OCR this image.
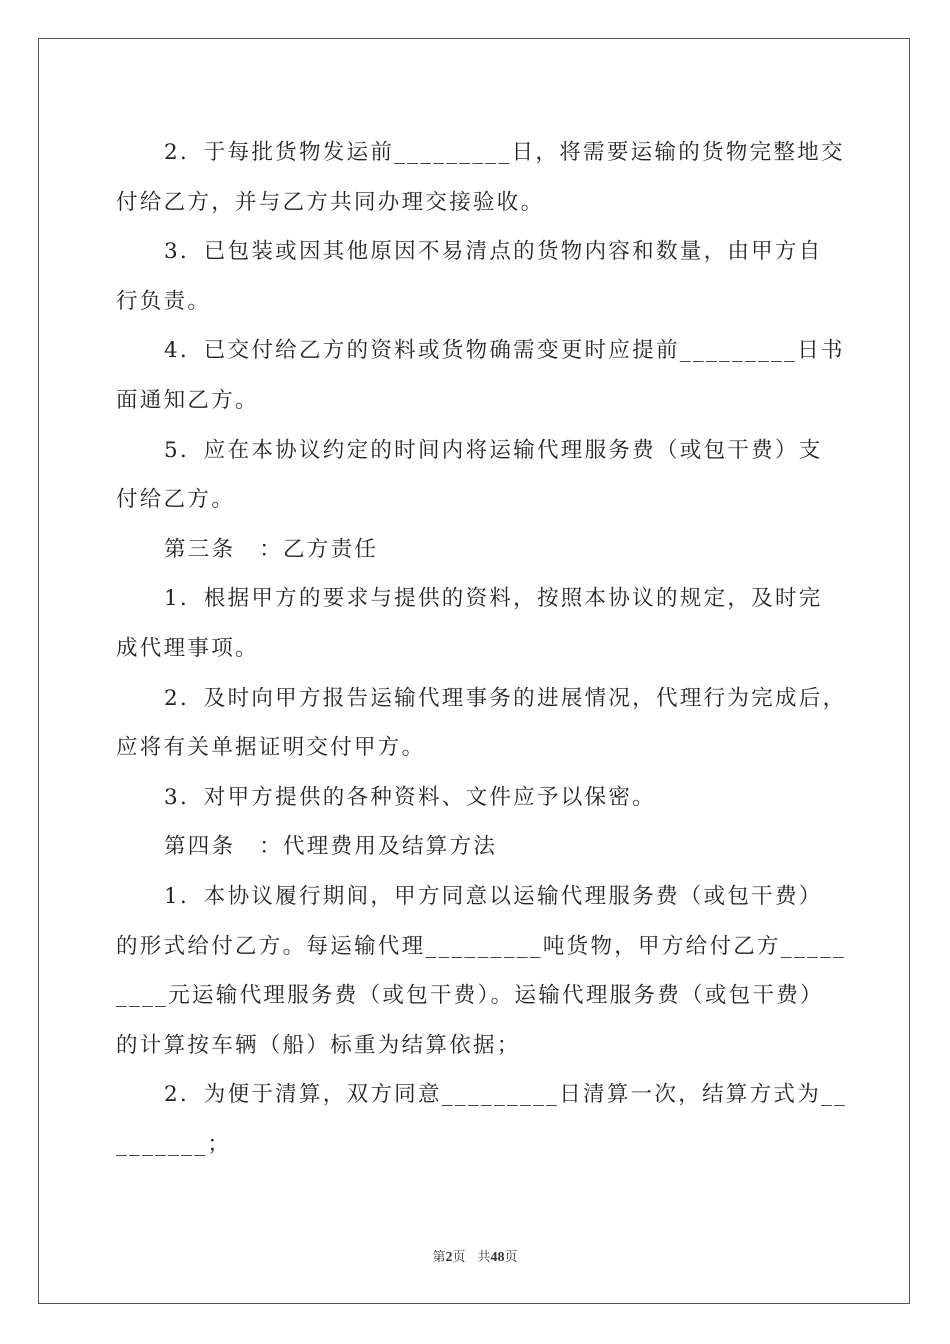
2．于每批货物发运前_________日，将需要运输的货物完整地交

付给乙方，并与乙方共同办理交接验收。

3．已包装或因其他原因不易清点的货物内容和数量，由甲方自

行负责。

4．已交付给乙方的资料或货物确需变更时应提前_________日书

面通知乙方。

5．应在本协议约定的时间内将运输代理服务费（或包干费）支

付给乙方。

第三条　：乙方责任

1．根据甲方的要求与提供的资料，按照本协议的规定，及时完

成代理事项。

2．及时向甲方报告运输代理事务的进展情况，代理行为完成后，

应将有关单据证明交付甲方。

3．对甲方提供的各种资料、文件应予以保密。

第四条　：代理费用及结算方法

1．本协议履行期间，甲方同意以运输代理服务费（或包干费）

的形式给付乙方。每运输代理_________吨货物，甲方给付乙方_____

____元运输代理服务费（或包干费）。运输代理服务费（或包干费）

的计算按车辆（船）标重为结算依据；

2．为便于清算，双方同意_________日清算一次，结算方式为__

_______；

第2页 共48页
